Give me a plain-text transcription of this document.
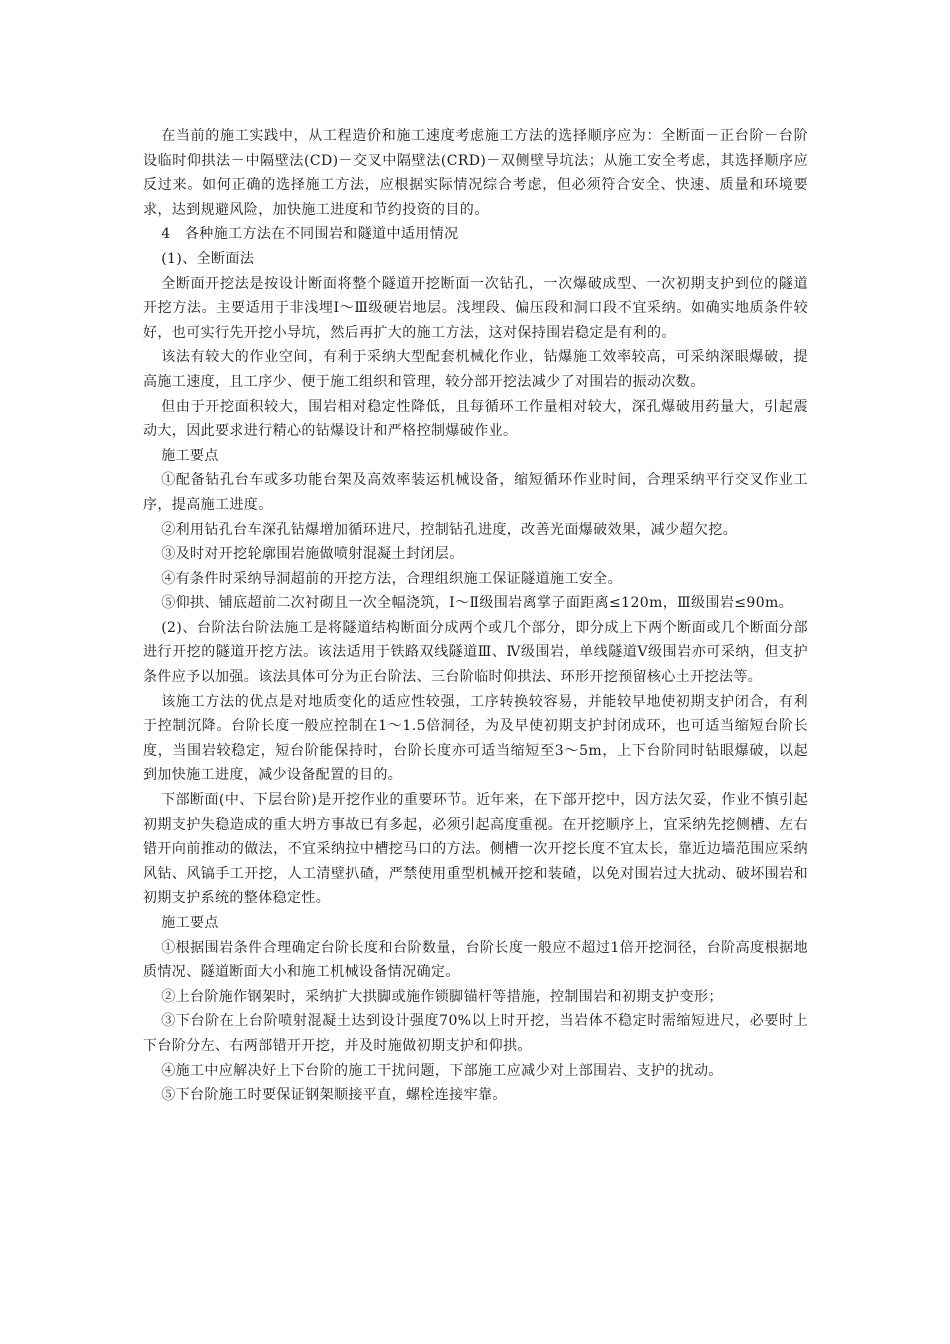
在当前的施工实践中，从工程造价和施工速度考虑施工方法的选择顺序应为：全断面－正台阶－台阶设临时仰拱法－中隔壁法(CD)－交叉中隔壁法(CRD)－双侧壁导坑法；从施工安全考虑，其选择顺序应反过来。如何正确的选择施工方法，应根据实际情况综合考虑，但必须符合安全、快速、质量和环境要求，达到规避风险，加快施工进度和节约投资的目的。

4　各种施工方法在不同围岩和隧道中适用情况

(1)、全断面法

全断面开挖法是按设计断面将整个隧道开挖断面一次钻孔，一次爆破成型、一次初期支护到位的隧道开挖方法。主要适用于非浅埋Ⅰ～Ⅲ级硬岩地层。浅埋段、偏压段和洞口段不宜采纳。如确实地质条件较好，也可实行先开挖小导坑，然后再扩大的施工方法，这对保持围岩稳定是有利的。

该法有较大的作业空间，有利于采纳大型配套机械化作业，钻爆施工效率较高，可采纳深眼爆破，提高施工速度，且工序少、便于施工组织和管理，较分部开挖法减少了对围岩的振动次数。

但由于开挖面积较大，围岩相对稳定性降低，且每循环工作量相对较大，深孔爆破用药量大，引起震动大，因此要求进行精心的钻爆设计和严格控制爆破作业。

施工要点

①配备钻孔台车或多功能台架及高效率装运机械设备，缩短循环作业时间，合理采纳平行交叉作业工序，提高施工进度。

②利用钻孔台车深孔钻爆增加循环进尺，控制钻孔进度，改善光面爆破效果，减少超欠挖。

③及时对开挖轮廓围岩施做喷射混凝土封闭层。

④有条件时采纳导洞超前的开挖方法，合理组织施工保证隧道施工安全。

⑤仰拱、铺底超前二次衬砌且一次全幅浇筑，Ⅰ～Ⅱ级围岩离掌子面距离≤120m，Ⅲ级围岩≤90m。

(2)、台阶法台阶法施工是将隧道结构断面分成两个或几个部分，即分成上下两个断面或几个断面分部进行开挖的隧道开挖方法。该法适用于铁路双线隧道Ⅲ、Ⅳ级围岩，单线隧道Ⅴ级围岩亦可采纳，但支护条件应予以加强。该法具体可分为正台阶法、三台阶临时仰拱法、环形开挖预留核心土开挖法等。

该施工方法的优点是对地质变化的适应性较强，工序转换较容易，并能较早地使初期支护闭合，有利于控制沉降。台阶长度一般应控制在1～1.5倍洞径，为及早使初期支护封闭成环，也可适当缩短台阶长度，当围岩较稳定，短台阶能保持时，台阶长度亦可适当缩短至3～5m，上下台阶同时钻眼爆破，以起到加快施工进度，减少设备配置的目的。

下部断面(中、下层台阶)是开挖作业的重要环节。近年来，在下部开挖中，因方法欠妥，作业不慎引起初期支护失稳造成的重大坍方事故已有多起，必须引起高度重视。在开挖顺序上，宜采纳先挖侧槽、左右错开向前推动的做法，不宜采纳拉中槽挖马口的方法。侧槽一次开挖长度不宜太长，靠近边墙范围应采纳风钻、风镐手工开挖，人工清壁扒碴，严禁使用重型机械开挖和装碴，以免对围岩过大扰动、破坏围岩和初期支护系统的整体稳定性。

施工要点

①根据围岩条件合理确定台阶长度和台阶数量，台阶长度一般应不超过1倍开挖洞径，台阶高度根据地质情况、隧道断面大小和施工机械设备情况确定。

②上台阶施作钢架时，采纳扩大拱脚或施作锁脚锚杆等措施，控制围岩和初期支护变形；

③下台阶在上台阶喷射混凝土达到设计强度70%以上时开挖，当岩体不稳定时需缩短进尺，必要时上下台阶分左、右两部错开开挖，并及时施做初期支护和仰拱。

④施工中应解决好上下台阶的施工干扰问题，下部施工应减少对上部围岩、支护的扰动。

⑤下台阶施工时要保证钢架顺接平直，螺栓连接牢靠。
